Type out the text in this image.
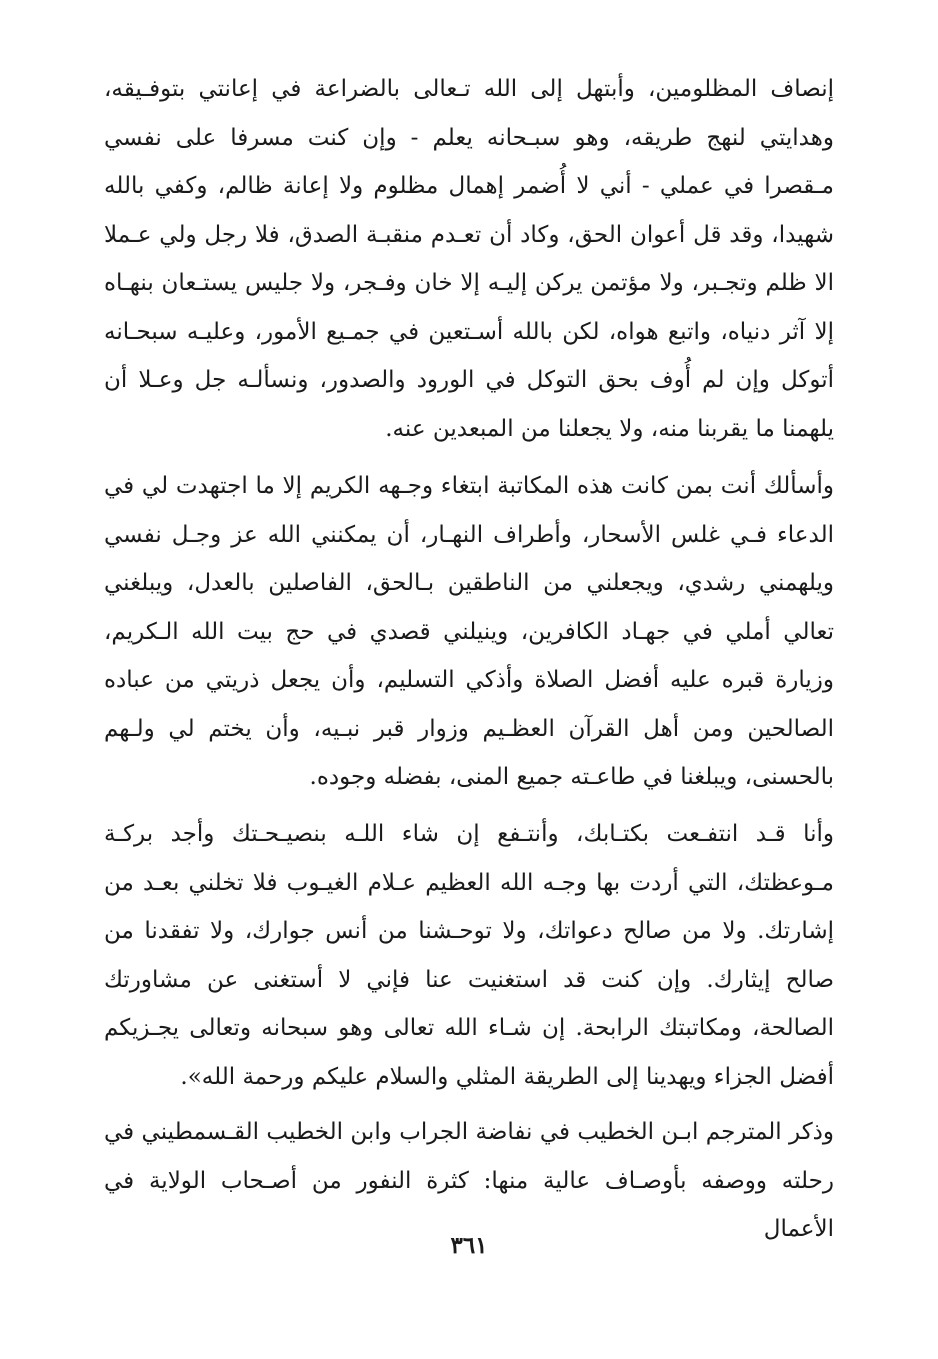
إنصاف المظلومين، وأبتهل إلى الله تـعالى بالضراعة في إعانتي بتوفـيقه، وهدايتي لنهج طريقه، وهو سبـحانه يعلم - وإن كنت مسرفا على نفسي مـقصرا في عملي - أني لا أُضمر إهمال مظلوم ولا إعانة ظالم، وكفي بالله شهيدا، وقد قل أعوان الحق، وكاد أن تعـدم منقبـة الصدق، فلا رجل ولي عـملا الا ظلم وتجـبر، ولا مؤتمن يركن إليـه إلا خان وفـجر، ولا جليس يستـعان بنهـاه إلا آثر دنياه، واتبع هواه، لكن بالله أسـتعين في جمـيع الأمور، وعليـه سبحـانه أتوكل وإن لم أُوف بحق التوكل في الورود والصدور، ونسألـه جل وعـلا أن يلهمنا ما يقربنا منه، ولا يجعلنا من المبعدين عنه.
وأسألك أنت بمن كانت هذه المكاتبة ابتغاء وجـهه الكريم إلا ما اجتهدت لي في الدعاء فـي غلس الأسحار، وأطراف النهـار، أن يمكنني الله عز وجـل نفسي ويلهمني رشدي، ويجعلني من الناطقين بـالحق، الفاصلين بالعدل، ويبلغني تعالي أملي في جهـاد الكافرين، وينيلني قصدي في حج بيت الله الـكريم، وزيارة قبره عليه أفضل الصلاة وأذكي التسليم، وأن يجعل ذريتي من عباده الصالحين ومن أهل القرآن العظـيم وزوار قبر نبـيه، وأن يختم لي ولـهم بالحسنى، ويبلغنا في طاعـته جميع المنى، بفضله وجوده.
وأنا قـد انتفـعت بكتـابك، وأنتـفع إن شاء اللـه بنصيـحـتك وأجد بركـة مـوعظتك، التي أردت بها وجـه الله العظيم عـلام الغيـوب فلا تخلني بعـد من إشارتك. ولا من صالح دعواتك، ولا توحـشنا من أنس جوارك، ولا تفقدنا من صالح إيثارك. وإن كنت قد استغنيت عنا فإني لا أستغنى عن مشاورتك الصالحة، ومكاتبتك الرابحة. إن شـاء الله تعالى وهو سبحانه وتعالى يجـزيكم أفضل الجزاء ويهدينا إلى الطريقة المثلي والسلام عليكم ورحمة الله».
وذكر المترجم ابـن الخطيب في نفاضة الجراب وابن الخطيب القـسمطيني في رحلته ووصفه بأوصـاف عالية منها: كثرة النفور من أصـحاب الولاية في الأعمال
٣٦١
